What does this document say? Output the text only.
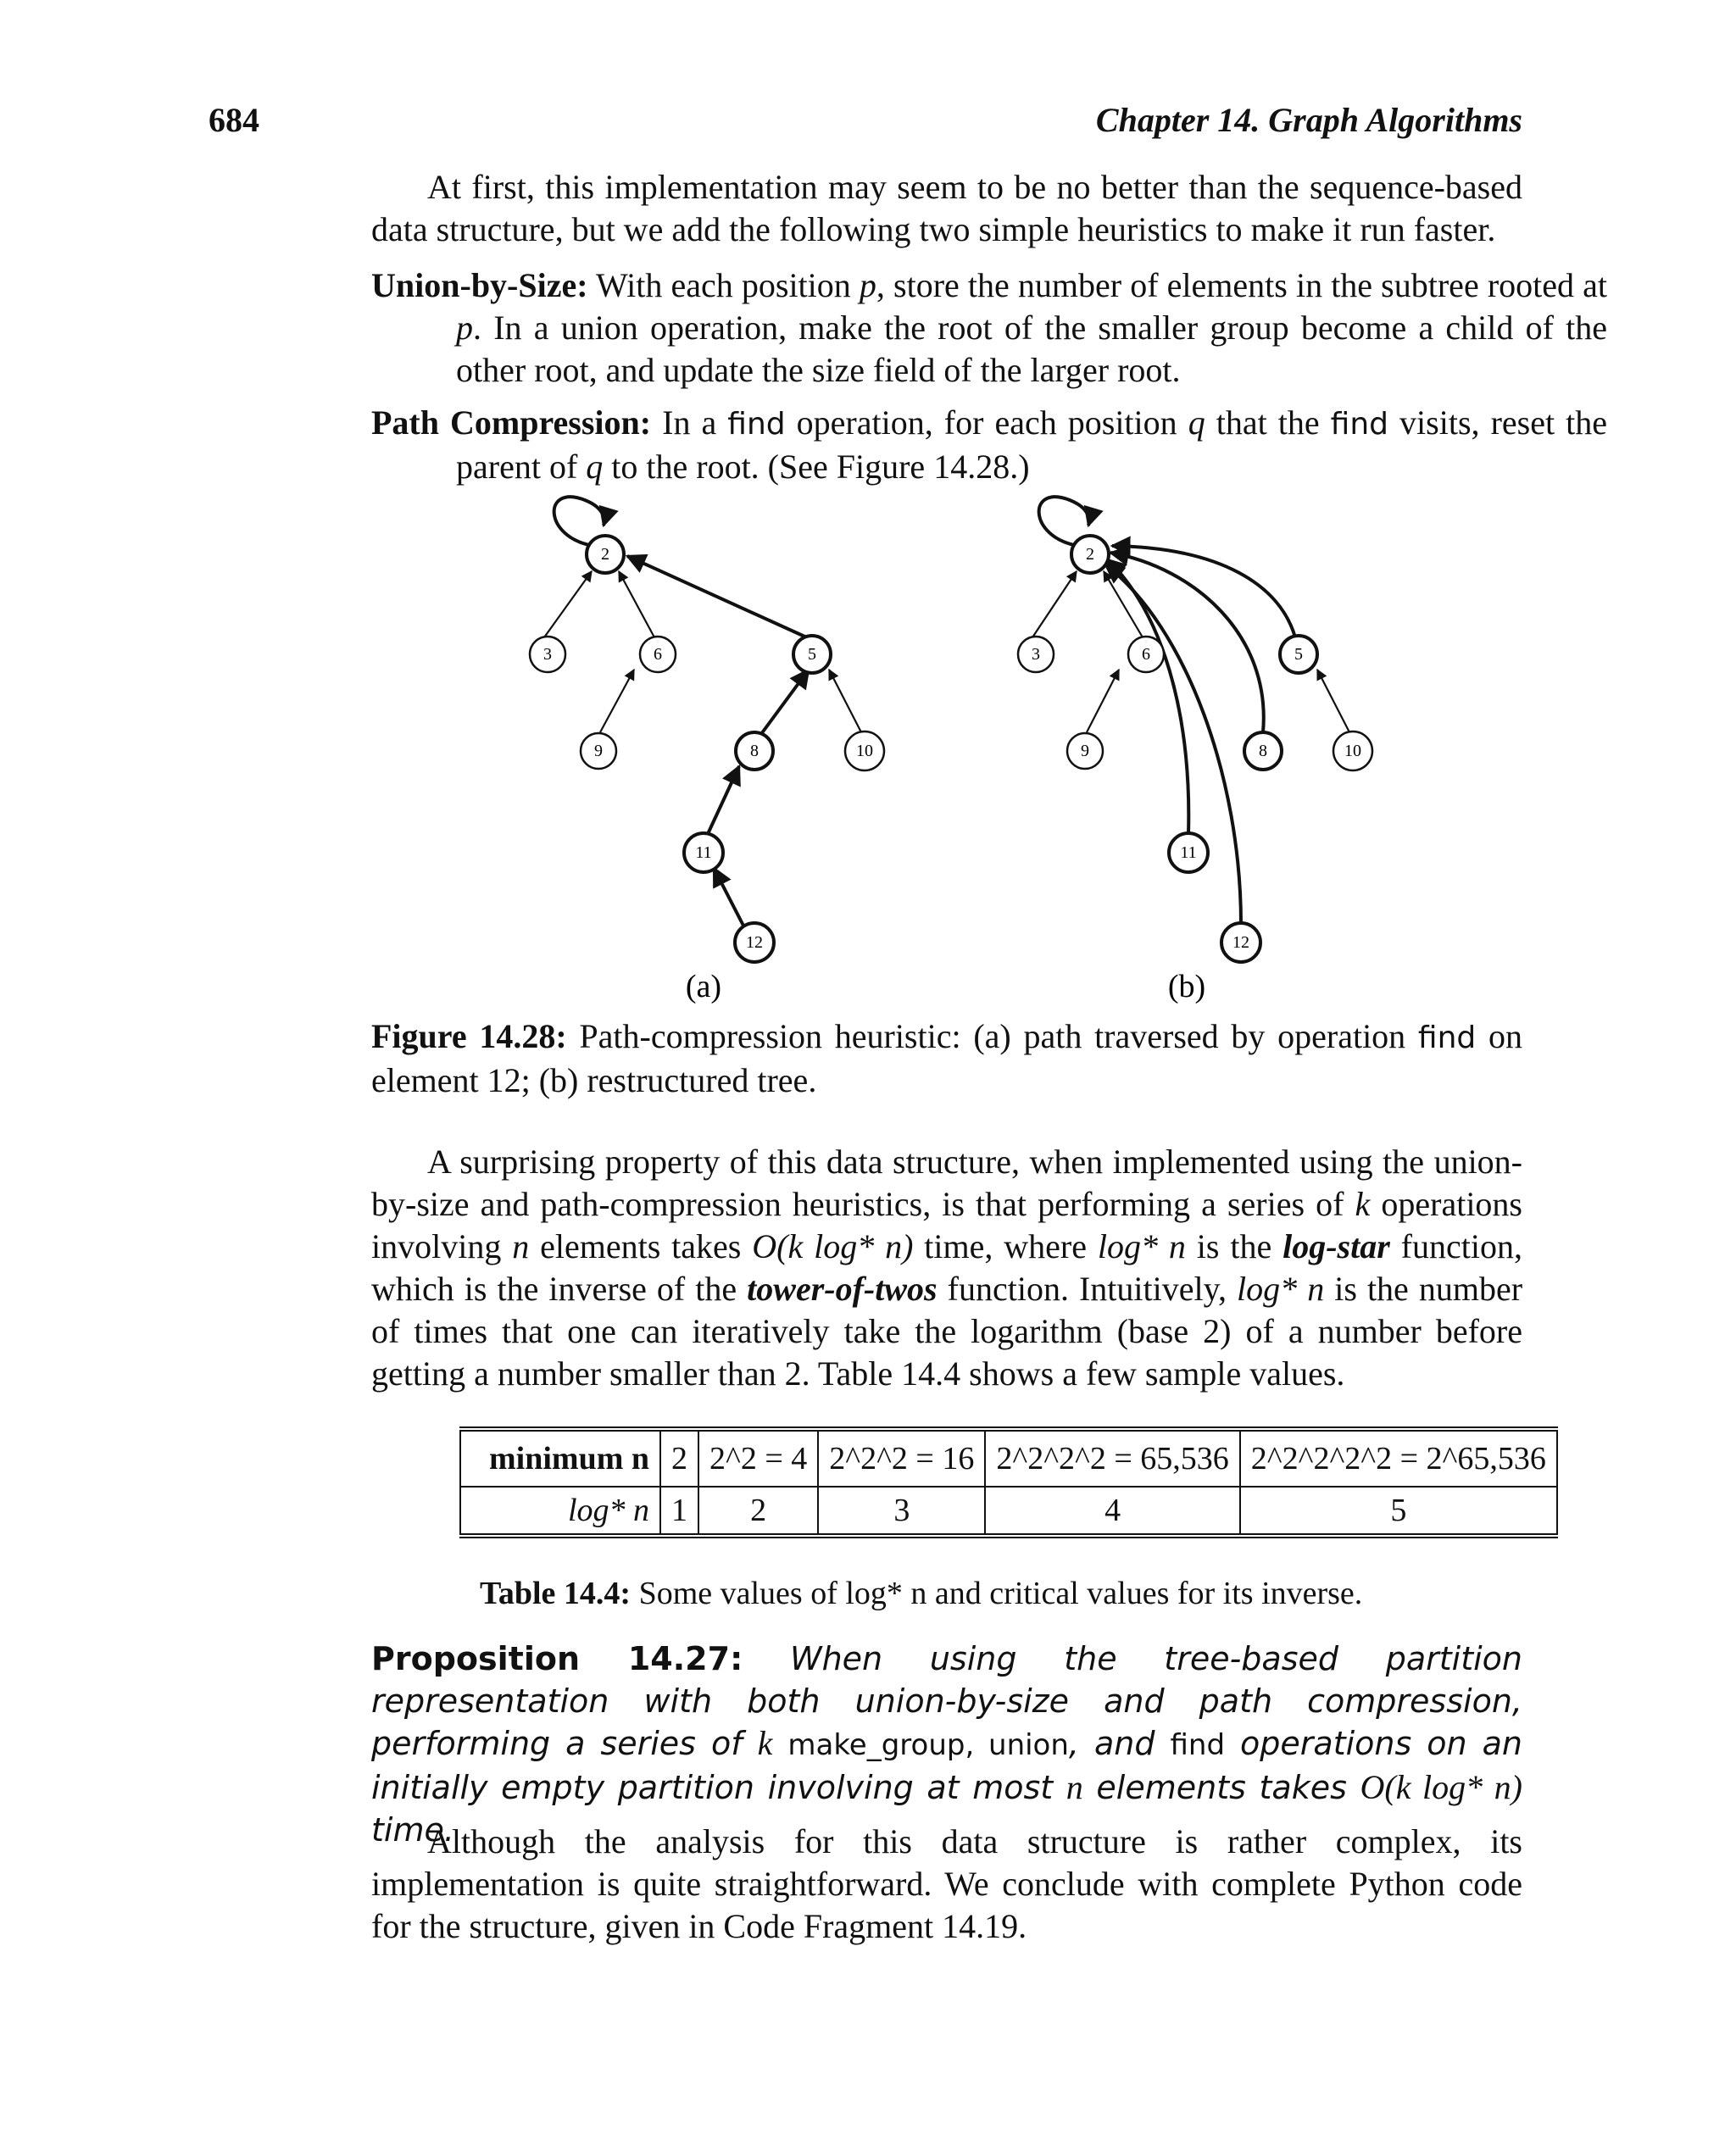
684	Chapter 14. Graph Algorithms
At first, this implementation may seem to be no better than the sequence-based data structure, but we add the following two simple heuristics to make it run faster.
Union-by-Size: With each position p, store the number of elements in the subtree rooted at p. In a union operation, make the root of the smaller group become a child of the other root, and update the size field of the larger root.
Path Compression: In a find operation, for each position q that the find visits, reset the parent of q to the root. (See Figure 14.28.)
2
3	6	5
9	8	10
11
12
2
3	6	5
9	8	10
11
12
(a)	(b)
Figure 14.28: Path-compression heuristic: (a) path traversed by operation find on element 12; (b) restructured tree.
A surprising property of this data structure, when implemented using the union-by-size and path-compression heuristics, is that performing a series of k operations involving n elements takes O(k log* n) time, where log* n is the log-star function, which is the inverse of the tower-of-twos function. Intuitively, log* n is the number of times that one can iteratively take the logarithm (base 2) of a number before getting a number smaller than 2. Table 14.4 shows a few sample values.
minimum n	2	2^2 = 4	2^2^2 = 16	2^2^2^2 = 65,536	2^2^2^2^2 = 2^65,536
log* n	1	2	3	4	5
Table 14.4: Some values of log* n and critical values for its inverse.
Proposition 14.27: When using the tree-based partition representation with both union-by-size and path compression, performing a series of k make_group, union, and find operations on an initially empty partition involving at most n elements takes O(k log* n) time.
Although the analysis for this data structure is rather complex, its implementation is quite straightforward. We conclude with complete Python code for the structure, given in Code Fragment 14.19.
